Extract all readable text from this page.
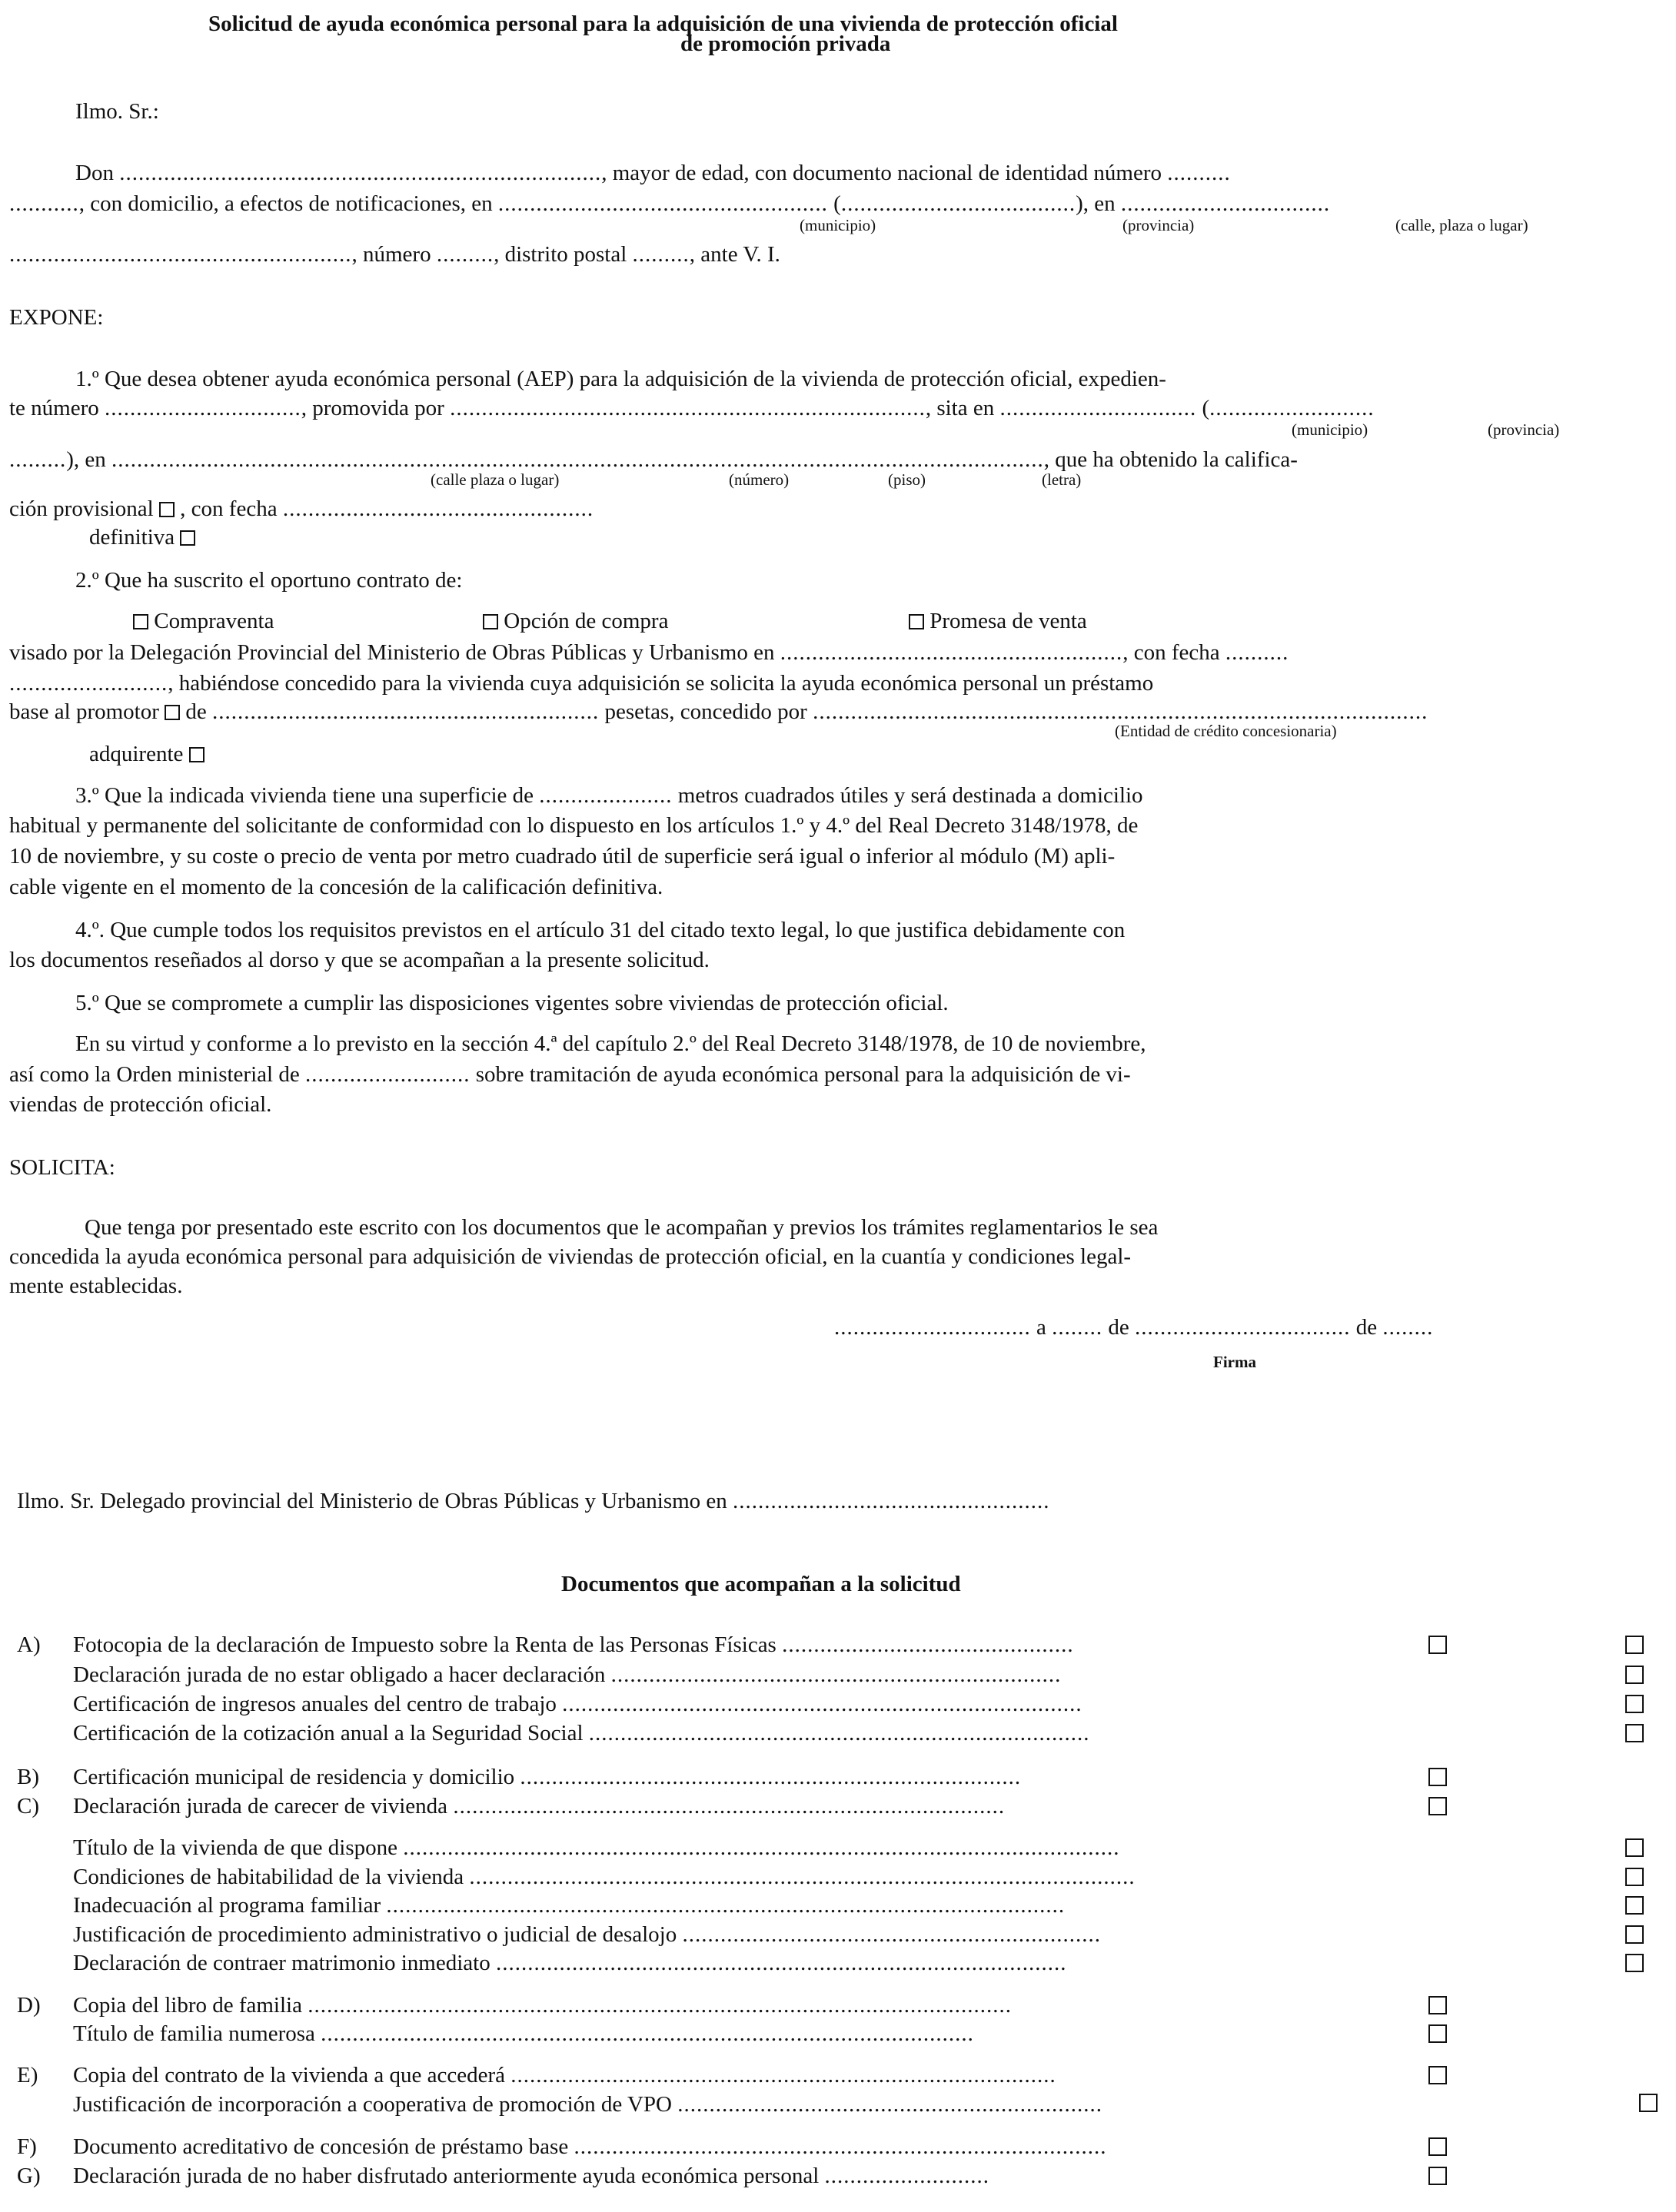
Solicitud de ayuda económica personal para la adquisición de una vivienda de protección oficial
de promoción privada
Ilmo. Sr.:
Don ............................................................................, mayor de edad, con documento nacional de identidad número ..........
..........., con domicilio, a efectos de notificaciones, en .................................................... (.....................................), en .................................
(municipio)	(provincia)	(calle, plaza o lugar)
......................................................, número ........., distrito postal ........., ante V. I.
EXPONE:
1.º Que desea obtener ayuda económica personal (AEP) para la adquisición de la vivienda de protección oficial, expedien-
te número ..............................., promovida por ..........................................................................., sita en ............................... (..........................
(municipio)	(provincia)
.........), en ..................................................................................................................................................., que ha obtenido la califica-
(calle plaza o lugar)	(número)	(piso)	(letra)
ción provisional , con fecha .................................................
definitiva
2.º Que ha suscrito el oportuno contrato de:
Compraventa	Opción de compra	Promesa de venta
visado por la Delegación Provincial del Ministerio de Obras Públicas y Urbanismo en ......................................................, con fecha ..........
........................., habiéndose concedido para la vivienda cuya adquisición se solicita la ayuda económica personal un préstamo
base al promotor de ............................................................. pesetas, concedido por .................................................................................................
(Entidad de crédito concesionaria)
adquirente
3.º Que la indicada vivienda tiene una superficie de ..................... metros cuadrados útiles y será destinada a domicilio
habitual y permanente del solicitante de conformidad con lo dispuesto en los artículos 1.º y 4.º del Real Decreto 3148/1978, de
10 de noviembre, y su coste o precio de venta por metro cuadrado útil de superficie será igual o inferior al módulo (M) apli-
cable vigente en el momento de la concesión de la calificación definitiva.
4.º. Que cumple todos los requisitos previstos en el artículo 31 del citado texto legal, lo que justifica debidamente con
los documentos reseñados al dorso y que se acompañan a la presente solicitud.
5.º Que se compromete a cumplir las disposiciones vigentes sobre viviendas de protección oficial.
En su virtud y conforme a lo previsto en la sección 4.ª del capítulo 2.º del Real Decreto 3148/1978, de 10 de noviembre,
así como la Orden ministerial de .......................... sobre tramitación de ayuda económica personal para la adquisición de vi-
viendas de protección oficial.
SOLICITA:
Que tenga por presentado este escrito con los documentos que le acompañan y previos los trámites reglamentarios le sea
concedida la ayuda económica personal para adquisición de viviendas de protección oficial, en la cuantía y condiciones legal-
mente establecidas.
............................... a ........ de .................................. de ........
Firma
Ilmo. Sr. Delegado provincial del Ministerio de Obras Públicas y Urbanismo en ..................................................
Documentos que acompañan a la solicitud
A) Fotocopia de la declaración de Impuesto sobre la Renta de las Personas Físicas ..............................................
Declaración jurada de no estar obligado a hacer declaración .......................................................................
Certificación de ingresos anuales del centro de trabajo ..................................................................................
Certificación de la cotización anual a la Seguridad Social ...............................................................................
B) Certificación municipal de residencia y domicilio ...............................................................................
C) Declaración jurada de carecer de vivienda .......................................................................................
Título de la vivienda de que dispone .................................................................................................................
Condiciones de habitabilidad de la vivienda .........................................................................................................
Inadecuación al programa familiar ...........................................................................................................
Justificación de procedimiento administrativo o judicial de desalojo ..................................................................
Declaración de contraer matrimonio inmediato ..........................................................................................
D) Copia del libro de familia ...............................................................................................................
Título de familia numerosa .......................................................................................................
E) Copia del contrato de la vivienda a que accederá ......................................................................................
Justificación de incorporación a cooperativa de promoción de VPO ...................................................................
F) Documento acreditativo de concesión de préstamo base ....................................................................................
G) Declaración jurada de no haber disfrutado anteriormente ayuda económica personal ..........................
